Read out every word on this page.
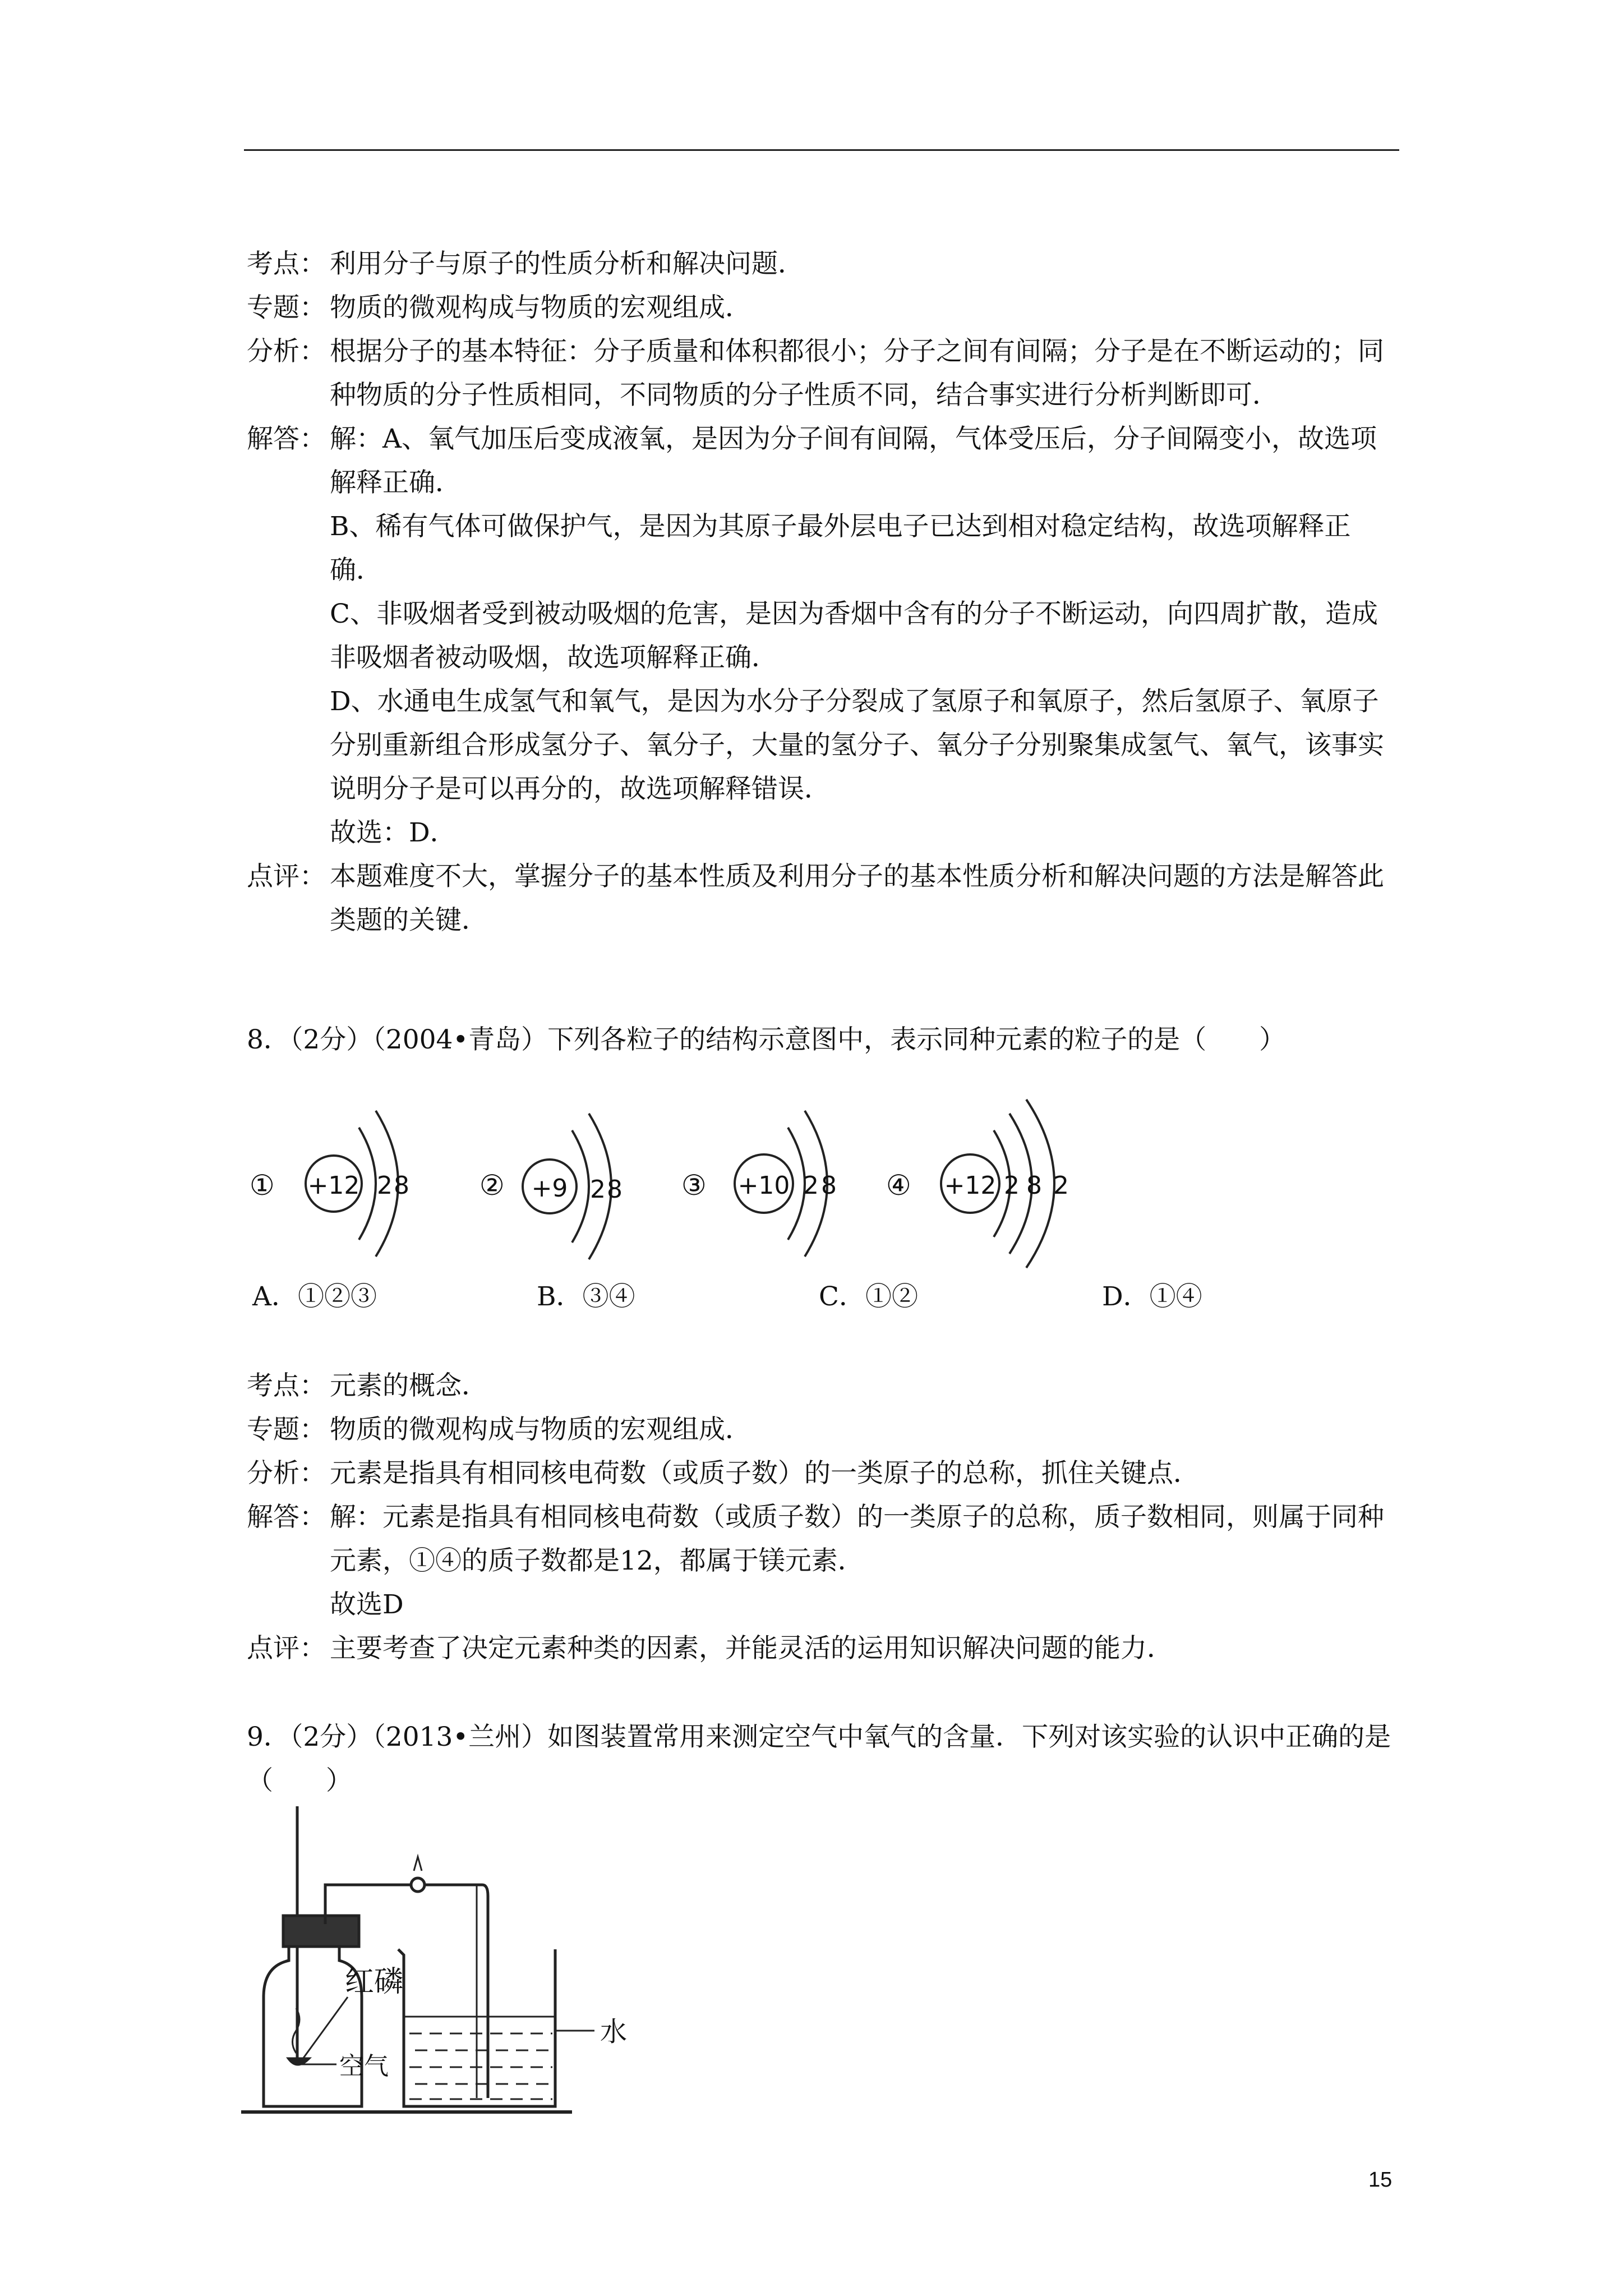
考点： 利用分子与原子的性质分析和解决问题．
专题： 物质的微观构成与物质的宏观组成．
分析： 根据分子的基本特征：分子质量和体积都很小；分子之间有间隔；分子是在不断运动的；同种物质的分子性质相同，不同物质的分子性质不同，结合事实进行分析判断即可．
解答： 解：A、氧气加压后变成液氧，是因为分子间有间隔，气体受压后，分子间隔变小，故选项解释正确．
B、稀有气体可做保护气，是因为其原子最外层电子已达到相对稳定结构，故选项解释正确．
C、非吸烟者受到被动吸烟的危害，是因为香烟中含有的分子不断运动，向四周扩散，造成非吸烟者被动吸烟，故选项解释正确．
D、水通电生成氢气和氧气，是因为水分子分裂成了氢原子和氧原子，然后氢原子、氧原子分别重新组合形成氢分子、氧分子，大量的氢分子、氧分子分别聚集成氢气、氧气，该事实说明分子是可以再分的，故选项解释错误．
故选：D．
点评： 本题难度不大，掌握分子的基本性质及利用分子的基本性质分析和解决问题的方法是解答此类题的关键．
8．（2分）（2004•青岛）下列各粒子的结构示意图中，表示同种元素的粒子的是（　　）
① +12 2 8	② +9 2 8 ③ +10 2 8 ④ +12 2 8 2
A．①②③	B．③④	C．①②	D．①④
考点： 元素的概念．
专题： 物质的微观构成与物质的宏观组成．
分析： 元素是指具有相同核电荷数（或质子数）的一类原子的总称，抓住关键点．
解答： 解：元素是指具有相同核电荷数（或质子数）的一类原子的总称，质子数相同，则属于同种元素，①④的质子数都是12，都属于镁元素．
故选D
点评： 主要考查了决定元素种类的因素，并能灵活的运用知识解决问题的能力．
9．（2分）（2013•兰州）如图装置常用来测定空气中氧气的含量．下列对该实验的认识中正确的是（　　）
红磷
空气
水
15
